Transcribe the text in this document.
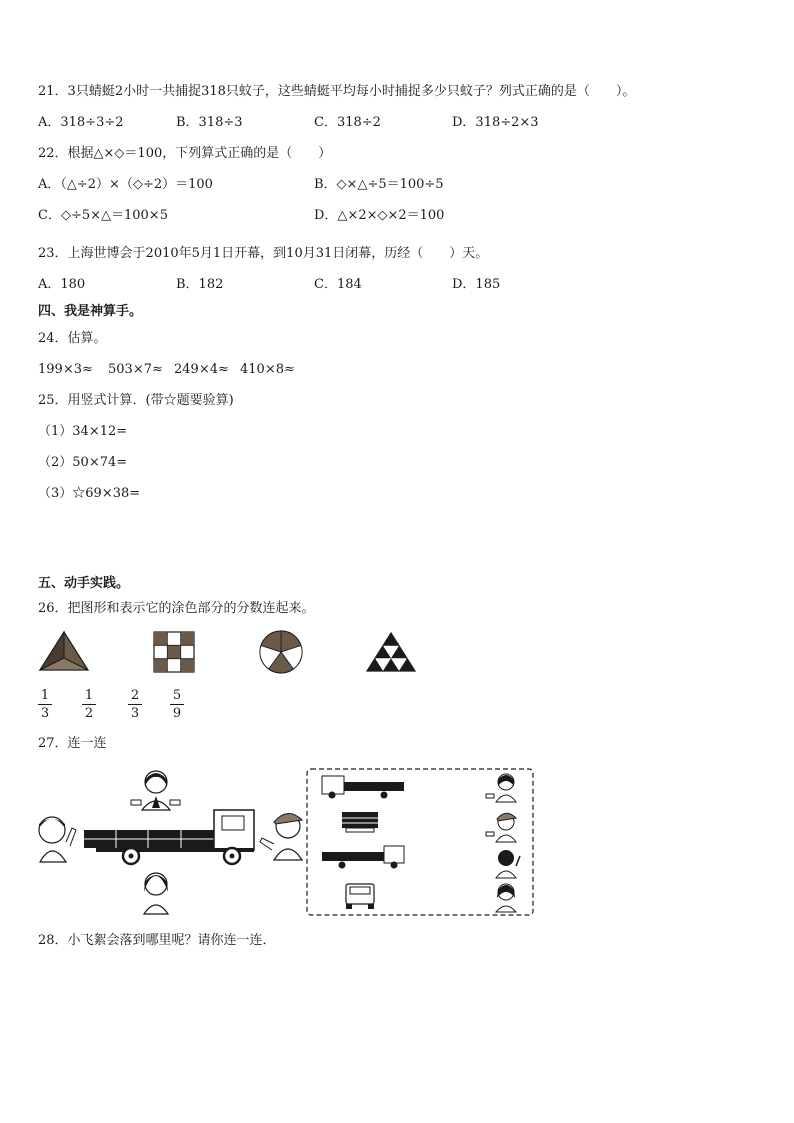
21．3只蜻蜓2小时一共捕捉318只蚊子，这些蜻蜓平均每小时捕捉多少只蚊子？列式正确的是（　　）。
A．318÷3÷2	B．318÷3	C．318÷2	D．318÷2×3
22．根据△×◇＝100，下列算式正确的是（　　）
A．（△÷2）×（◇÷2）＝100	B．◇×△÷5＝100÷5
C．◇÷5×△＝100×5	D．△×2×◇×2＝100
23．上海世博会于2010年5月1日开幕，到10月31日闭幕，历经（　　）天。
A．180	B．182	C．184	D．185
四、我是神算手。
24．估算。
199×3≈ 503×7≈ 249×4≈ 410×8≈
25．用竖式计算．(带☆题要验算)
（1）34×12=
（2）50×74=
（3）☆69×38=
五、动手实践。
26．把图形和表示它的涂色部分的分数连起来。
1
3
1
2
2
3
5
9
27．连一连
28．小飞絮会落到哪里呢？请你连一连．
